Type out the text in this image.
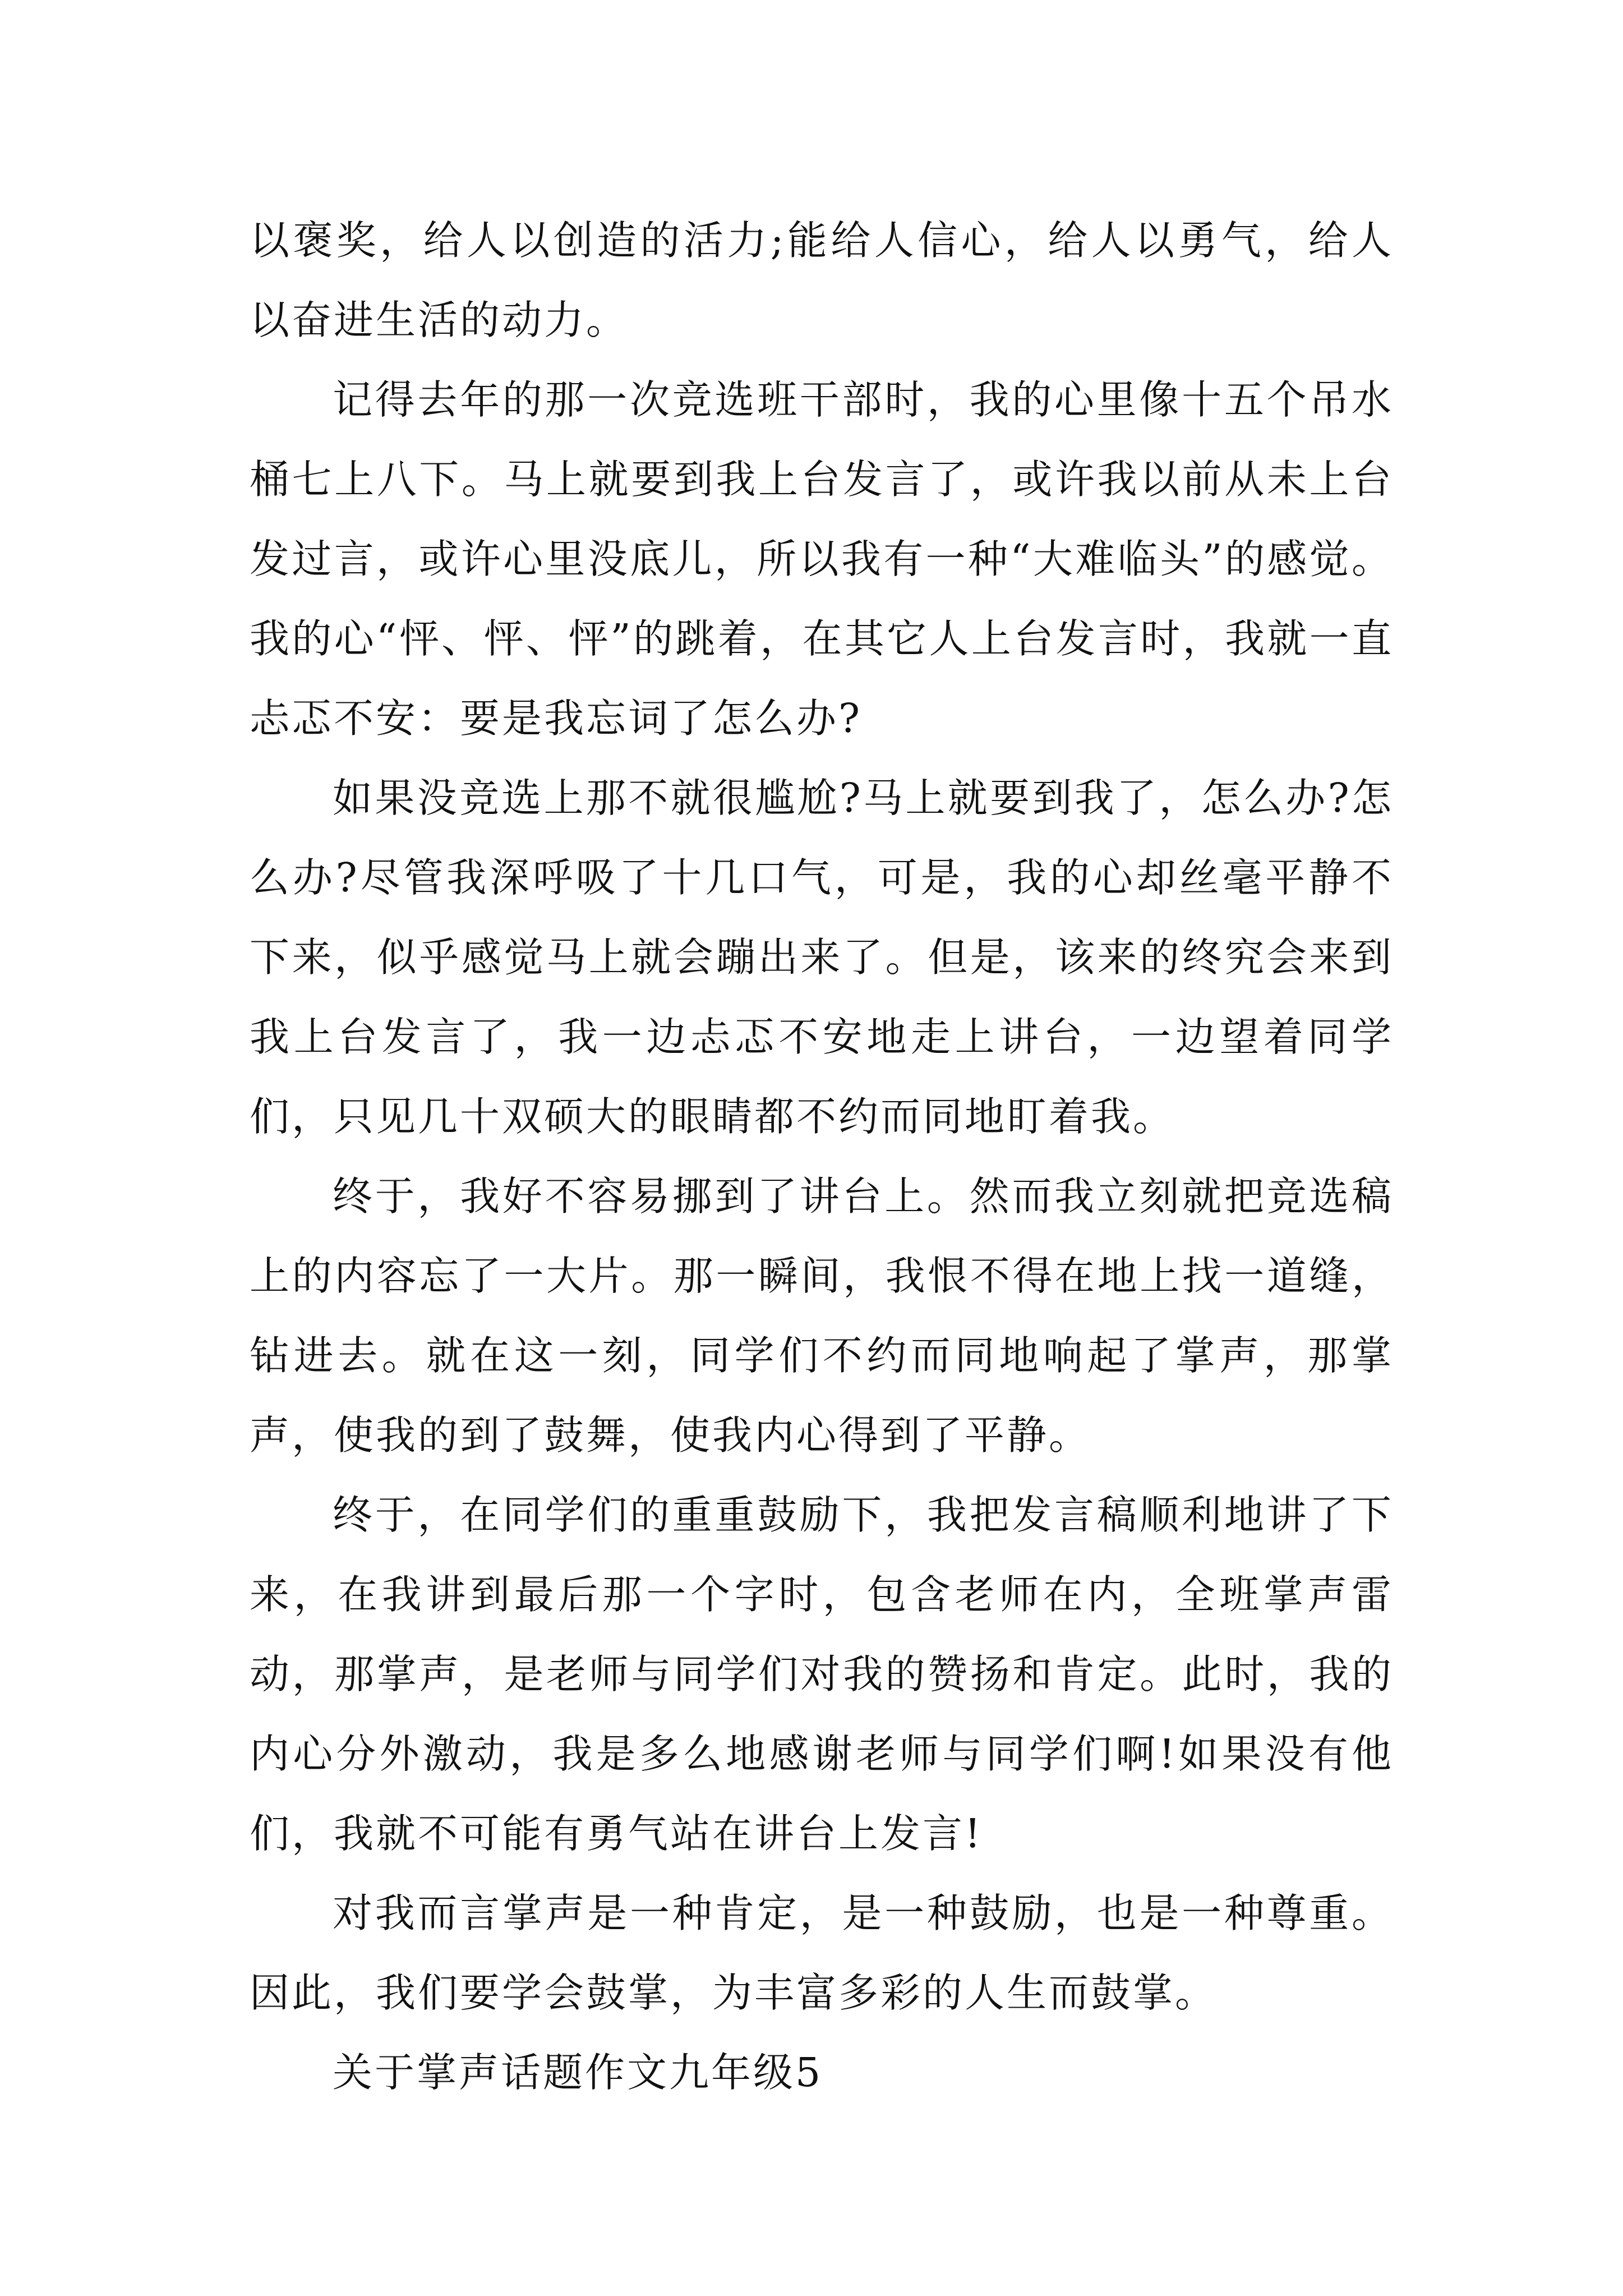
以褒奖，给人以创造的活力;能给人信心，给人以勇气，给人以奋进生活的动力。

记得去年的那一次竞选班干部时，我的心里像十五个吊水桶七上八下。马上就要到我上台发言了，或许我以前从未上台发过言，或许心里没底儿，所以我有一种“大难临头”的感觉。我的心“怦、怦、怦”的跳着，在其它人上台发言时，我就一直忐忑不安：要是我忘词了怎么办?

如果没竞选上那不就很尴尬?马上就要到我了，怎么办?怎么办?尽管我深呼吸了十几口气，可是，我的心却丝毫平静不下来，似乎感觉马上就会蹦出来了。但是，该来的终究会来到我上台发言了，我一边忐忑不安地走上讲台，一边望着同学们，只见几十双硕大的眼睛都不约而同地盯着我。

终于，我好不容易挪到了讲台上。然而我立刻就把竞选稿上的内容忘了一大片。那一瞬间，我恨不得在地上找一道缝，钻进去。就在这一刻，同学们不约而同地响起了掌声，那掌声，使我的到了鼓舞，使我内心得到了平静。

终于，在同学们的重重鼓励下，我把发言稿顺利地讲了下来，在我讲到最后那一个字时，包含老师在内，全班掌声雷动，那掌声，是老师与同学们对我的赞扬和肯定。此时，我的内心分外激动，我是多么地感谢老师与同学们啊!如果没有他们，我就不可能有勇气站在讲台上发言!

对我而言掌声是一种肯定，是一种鼓励，也是一种尊重。因此，我们要学会鼓掌，为丰富多彩的人生而鼓掌。

关于掌声话题作文九年级5
